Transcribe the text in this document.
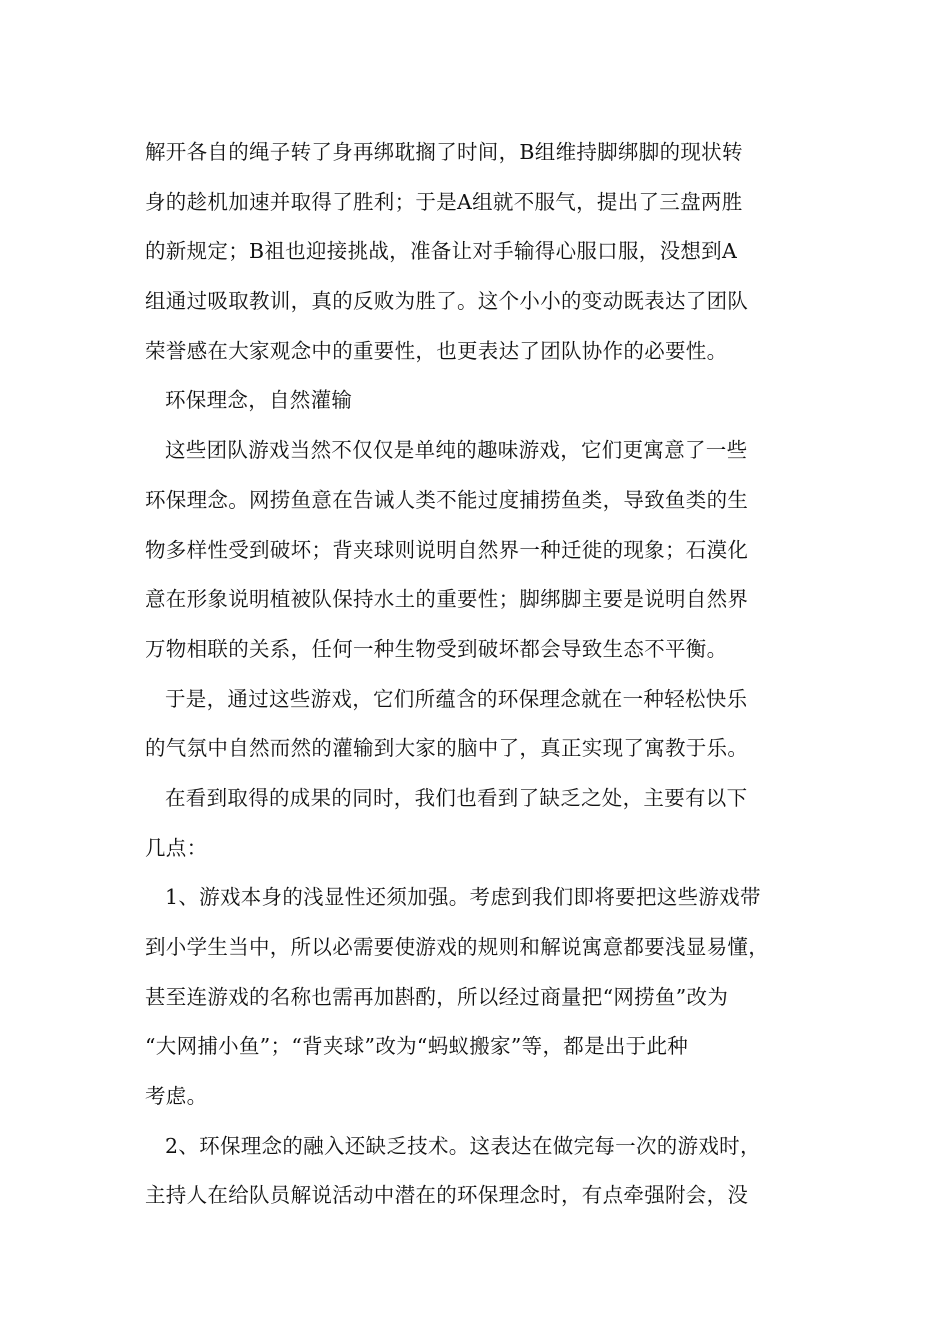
解开各自的绳子转了身再绑耽搁了时间，B组维持脚绑脚的现状转
身的趁机加速并取得了胜利；于是A组就不服气，提出了三盘两胜
的新规定；B祖也迎接挑战，准备让对手输得心服口服，没想到A
组通过吸取教训，真的反败为胜了。这个小小的变动既表达了团队
荣誉感在大家观念中的重要性，也更表达了团队协作的必要性。
环保理念，自然灌输
这些团队游戏当然不仅仅是单纯的趣味游戏，它们更寓意了一些
环保理念。网捞鱼意在告诫人类不能过度捕捞鱼类，导致鱼类的生
物多样性受到破坏；背夹球则说明自然界一种迁徙的现象；石漠化
意在形象说明植被队保持水土的重要性；脚绑脚主要是说明自然界
万物相联的关系，任何一种生物受到破坏都会导致生态不平衡。
于是，通过这些游戏，它们所蕴含的环保理念就在一种轻松快乐
的气氛中自然而然的灌输到大家的脑中了，真正实现了寓教于乐。
在看到取得的成果的同时，我们也看到了缺乏之处，主要有以下
几点：
1、游戏本身的浅显性还须加强。考虑到我们即将要把这些游戏带
到小学生当中，所以必需要使游戏的规则和解说寓意都要浅显易懂，
甚至连游戏的名称也需再加斟酌，所以经过商量把“网捞鱼”改为
“大网捕小鱼”；“背夹球”改为“蚂蚁搬家”等，都是出于此种
考虑。
2、环保理念的融入还缺乏技术。这表达在做完每一次的游戏时，
主持人在给队员解说活动中潜在的环保理念时，有点牵强附会，没
